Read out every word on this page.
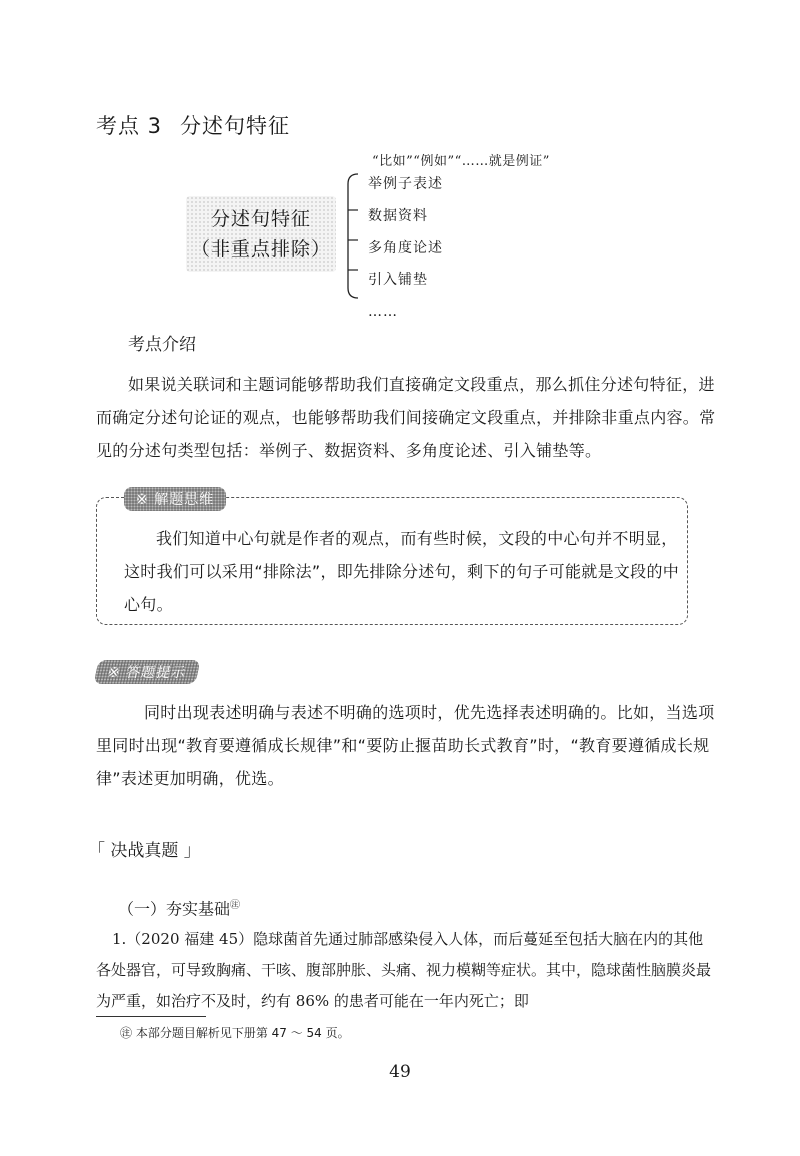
考点 3 分述句特征
分述句特征
（非重点排除）
“比如”“例如”“……就是例证”
举例子表述
数据资料
多角度论述
引入铺垫
……
考点介绍
如果说关联词和主题词能够帮助我们直接确定文段重点，那么抓住分述句特征，进而确定分述句论证的观点，也能够帮助我们间接确定文段重点，并排除非重点内容。常见的分述句类型包括：举例子、数据资料、多角度论述、引入铺垫等。
※ 解题思维
我们知道中心句就是作者的观点，而有些时候，文段的中心句并不明显，这时我们可以采用“排除法”，即先排除分述句，剩下的句子可能就是文段的中心句。
※ 答题提示
同时出现表述明确与表述不明确的选项时，优先选择表述明确的。比如，当选项里同时出现“教育要遵循成长规律”和“要防止揠苗助长式教育”时，“教育要遵循成长规律”表述更加明确，优选。
「 决战真题 」
（一）夯实基础㊟
1.（2020 福建 45）隐球菌首先通过肺部感染侵入人体，而后蔓延至包括大脑在内的其他各处器官，可导致胸痛、干咳、腹部肿胀、头痛、视力模糊等症状。其中，隐球菌性脑膜炎最为严重，如治疗不及时，约有 86% 的患者可能在一年内死亡；即
㊟ 本部分题目解析见下册第 47 ～ 54 页。
49
